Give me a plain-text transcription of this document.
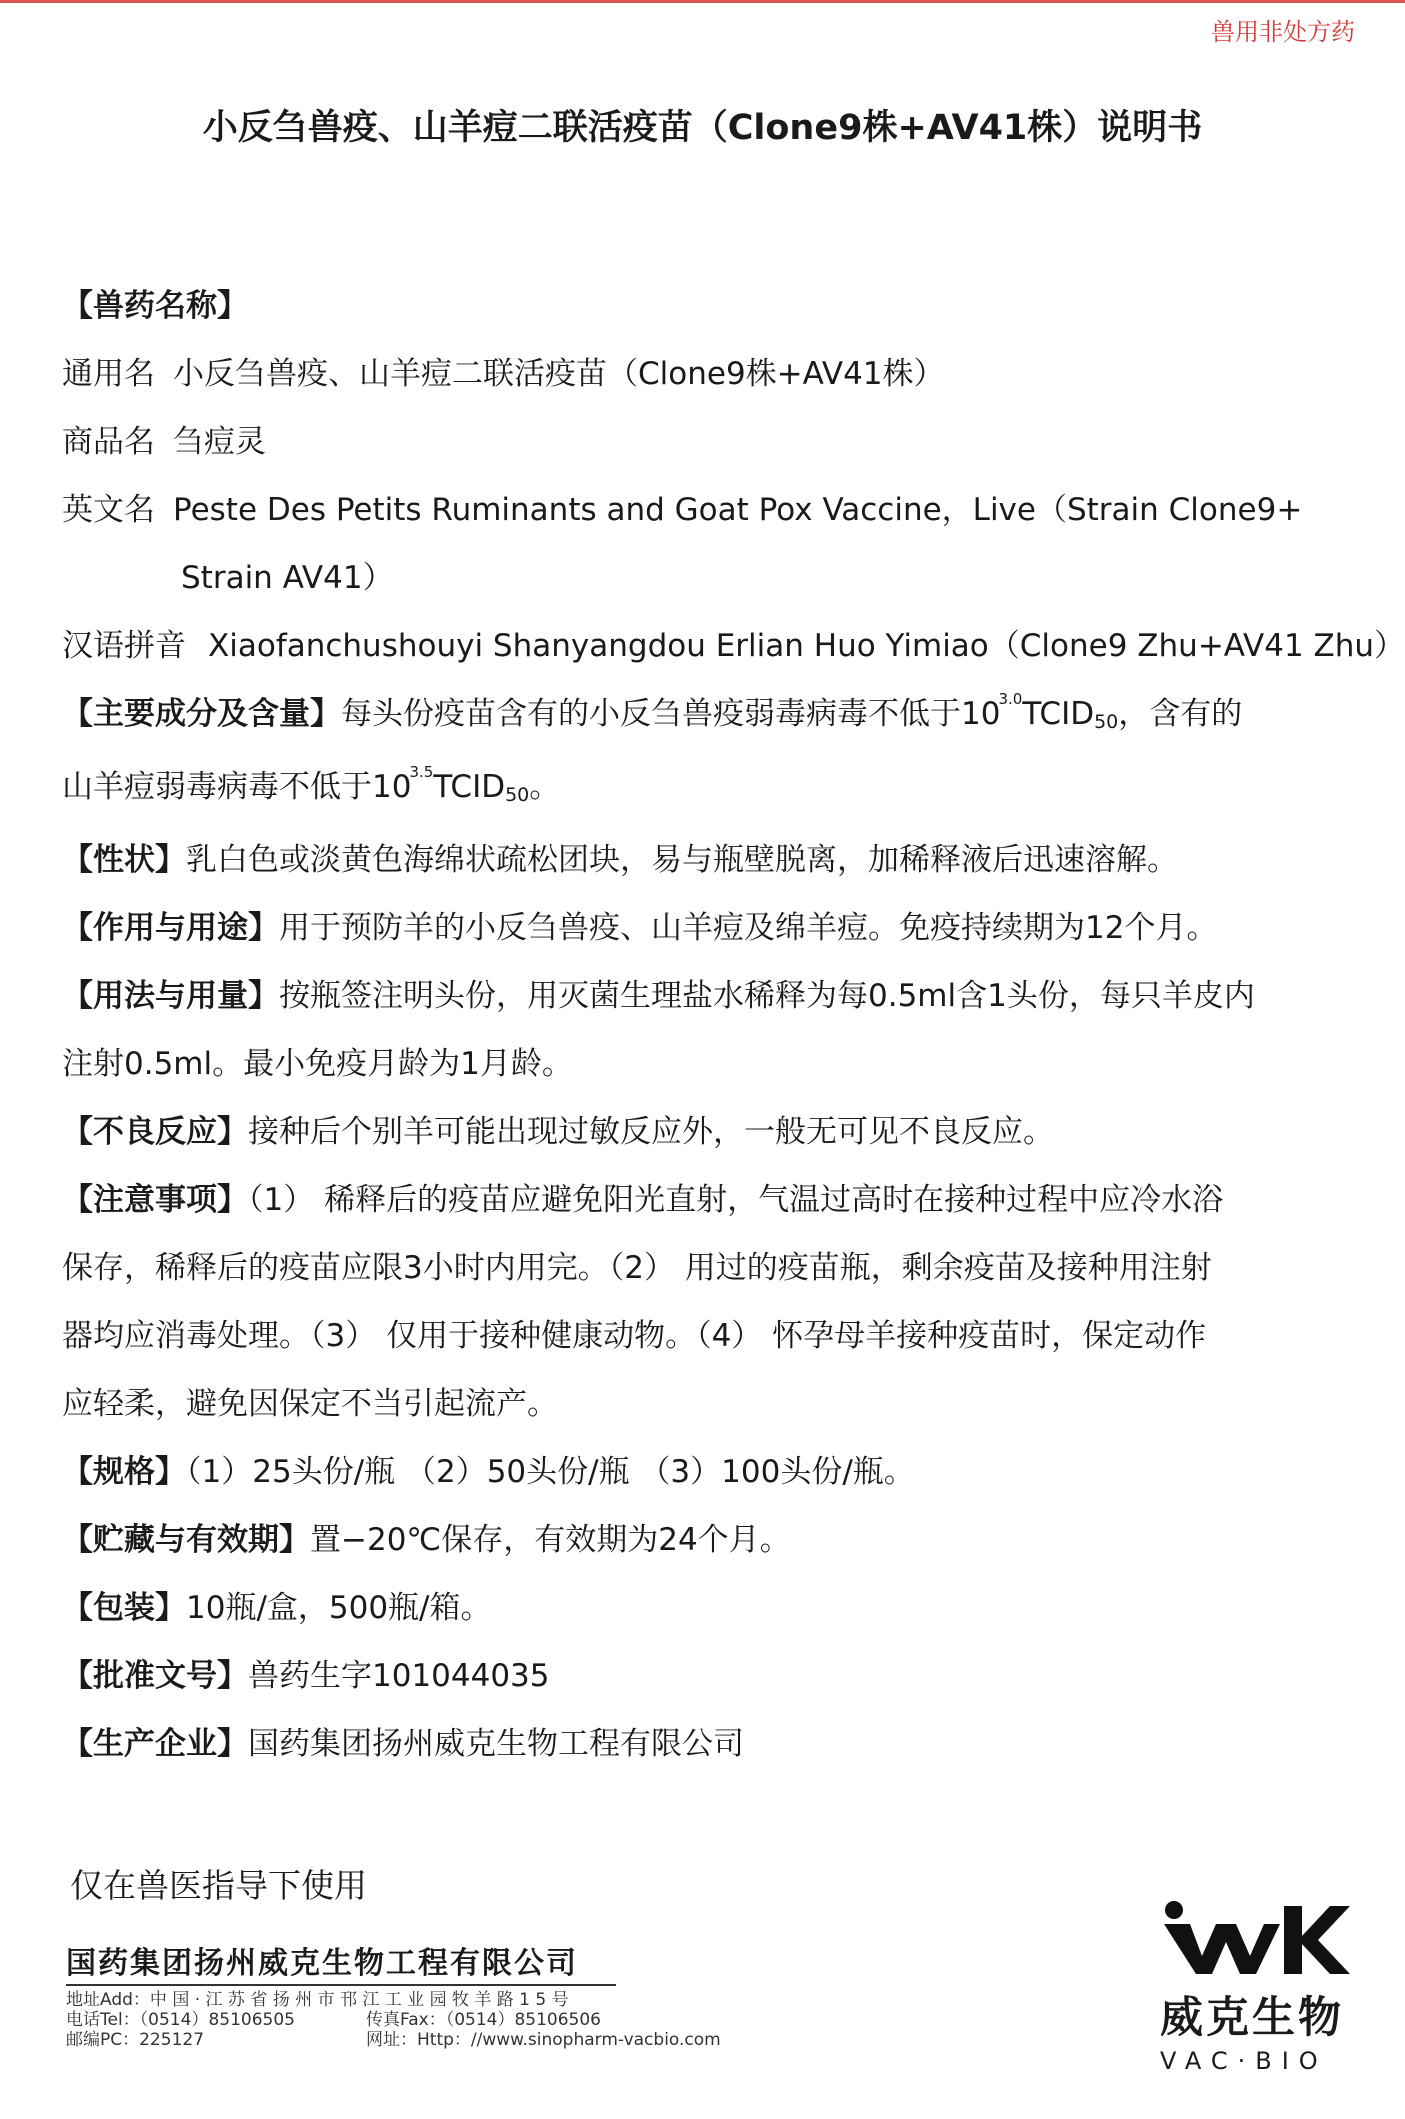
兽用非处方药
小反刍兽疫、山羊痘二联活疫苗（Clone9株+AV41株）说明书
【兽药名称】
通用名 小反刍兽疫、山羊痘二联活疫苗（Clone9株+AV41株）
商品名 刍痘灵
英文名 Peste Des Petits Ruminants and Goat Pox Vaccine，Live（Strain Clone9+
Strain AV41）
汉语拼音 Xiaofanchushouyi Shanyangdou Erlian Huo Yimiao（Clone9 Zhu+AV41 Zhu）
【主要成分及含量】每头份疫苗含有的小反刍兽疫弱毒病毒不低于$10^{3.0}TCID_{50}$，含有的
山羊痘弱毒病毒不低于$10^{3.5}TCID_{50}$。
【性状】乳白色或淡黄色海绵状疏松团块，易与瓶壁脱离，加稀释液后迅速溶解。
【作用与用途】用于预防羊的小反刍兽疫、山羊痘及绵羊痘。免疫持续期为12个月。
【用法与用量】按瓶签注明头份，用灭菌生理盐水稀释为每0.5ml含1头份，每只羊皮内
注射0.5ml。最小免疫月龄为1月龄。
【不良反应】接种后个别羊可能出现过敏反应外，一般无可见不良反应。
【注意事项】（1） 稀释后的疫苗应避免阳光直射，气温过高时在接种过程中应冷水浴
保存，稀释后的疫苗应限3小时内用完。（2） 用过的疫苗瓶，剩余疫苗及接种用注射
器均应消毒处理。（3） 仅用于接种健康动物。（4） 怀孕母羊接种疫苗时，保定动作
应轻柔，避免因保定不当引起流产。
【规格】（1）25头份/瓶 （2）50头份/瓶 （3）100头份/瓶。
【贮藏与有效期】置−20℃保存，有效期为24个月。
【包装】10瓶/盒，500瓶/箱。
【批准文号】兽药生字101044035
【生产企业】国药集团扬州威克生物工程有限公司
仅在兽医指导下使用
国药集团扬州威克生物工程有限公司
地址Add：中 国 · 江 苏 省 扬 州 市 邗 江 工 业 园 牧 羊 路 1 5 号
电话Tel：（0514）85106505	传真Fax：（0514）85106506
邮编PC：225127	网址：Http：//www.sinopharm-vacbio.com	威克生物
VAC·BIO
